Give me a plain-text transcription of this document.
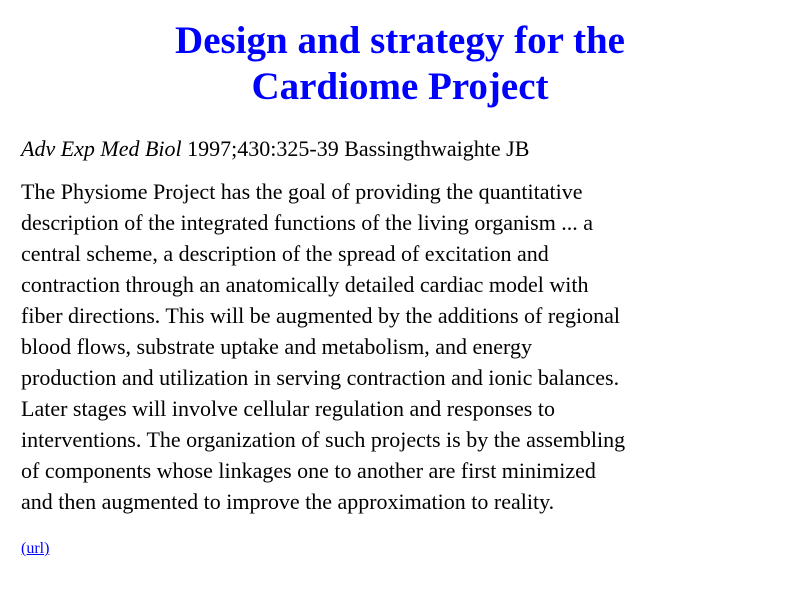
Design and strategy for the
Cardiome Project
Adv Exp Med Biol 1997;430:325-39 Bassingthwaighte JB

The Physiome Project has the goal of providing the quantitative
description of the integrated functions of the living organism ... a
central scheme, a description of the spread of excitation and
contraction through an anatomically detailed cardiac model with
fiber directions. This will be augmented by the additions of regional
blood flows, substrate uptake and metabolism, and energy
production and utilization in serving contraction and ionic balances.
Later stages will involve cellular regulation and responses to
interventions. The organization of such projects is by the assembling
of components whose linkages one to another are first minimized
and then augmented to improve the approximation to reality.

(url)
